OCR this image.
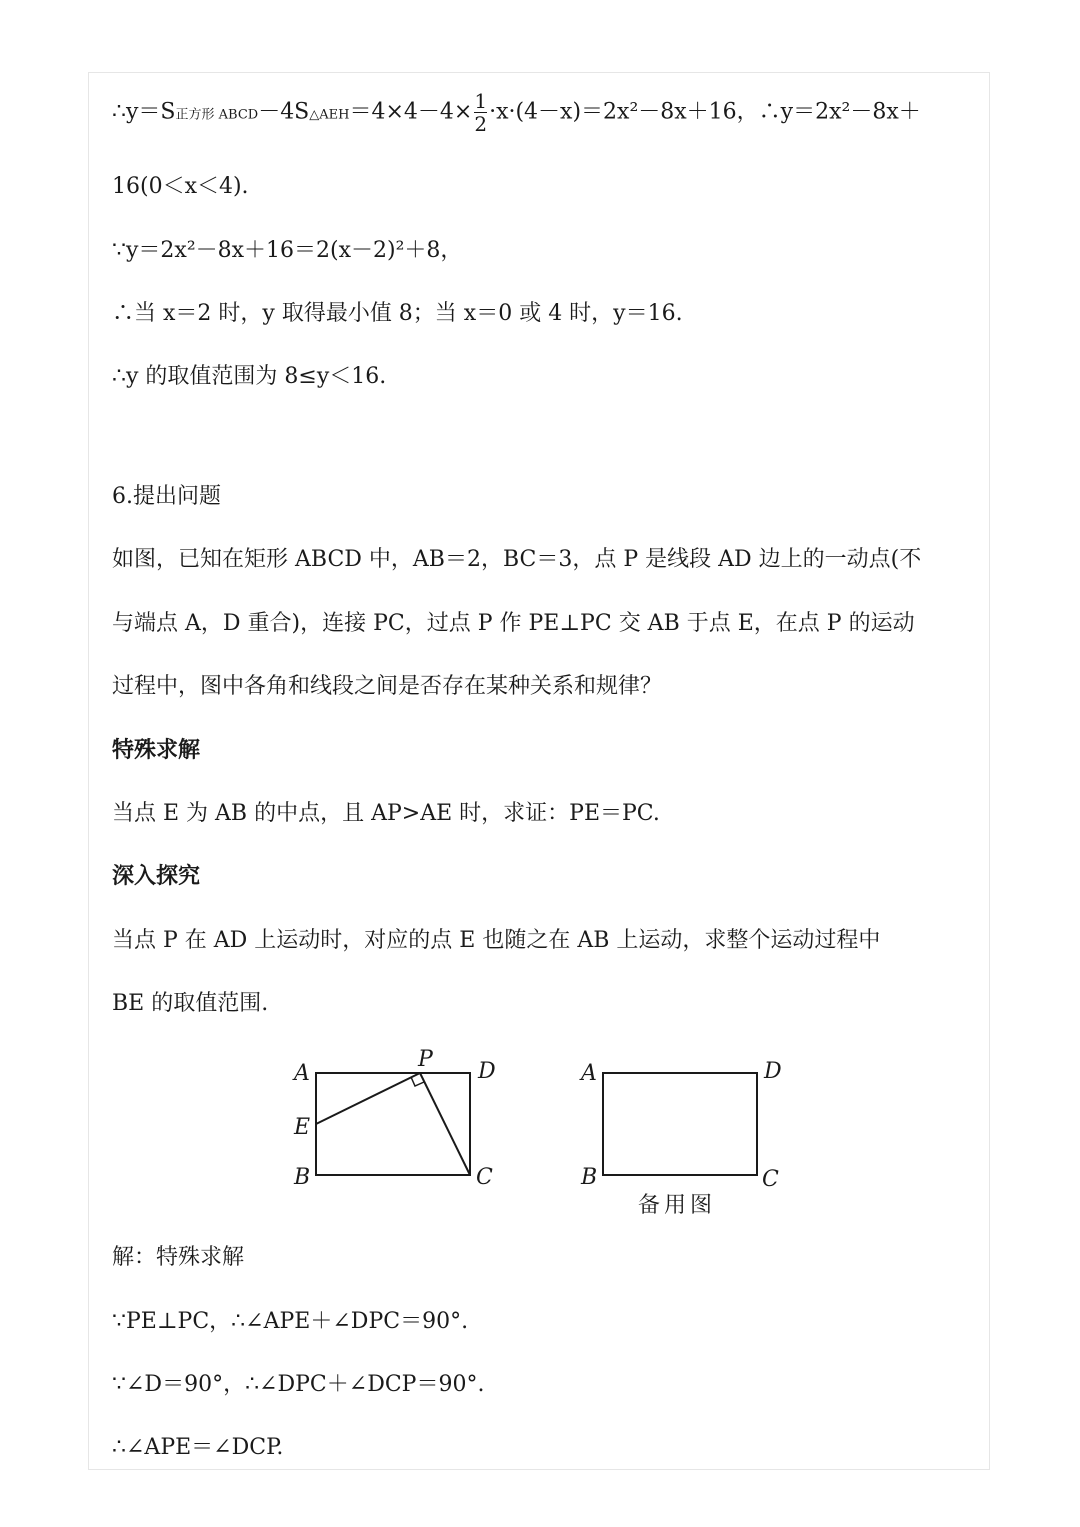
∴y＝S正方形 ABCD－4S△AEH＝4×4－4× $\frac{1}{2} \cdot x\cdot(4-x)=2x^2-8x+16$，∴y＝2x²－8x＋
16(0＜x＜4).
∵y＝2x²－8x＋16＝2(x－2)²＋8，
∴当 x＝2 时，y 取得最小值 8；当 x＝0 或 4 时，y＝16.
∴y 的取值范围为 8≤y＜16.
6.提出问题
如图，已知在矩形 ABCD 中，AB＝2，BC＝3，点 P 是线段 AD 边上的一动点(不
与端点 A，D 重合)，连接 PC，过点 P 作 PE⊥PC 交 AB 于点 E，在点 P 的运动
过程中，图中各角和线段之间是否存在某种关系和规律？
特殊求解
当点 E 为 AB 的中点，且 AP>AE 时，求证：PE＝PC.
深入探究
当点 P 在 AD 上运动时，对应的点 E 也随之在 AB 上运动，求整个运动过程中
BE 的取值范围.
A
E
B	C
D
P
A
B	C
D
备用图
解：特殊求解
∵PE⊥PC，∴∠APE＋∠DPC＝90°.
∵∠D＝90°，∴∠DPC＋∠DCP＝90°.
∴∠APE＝∠DCP.
